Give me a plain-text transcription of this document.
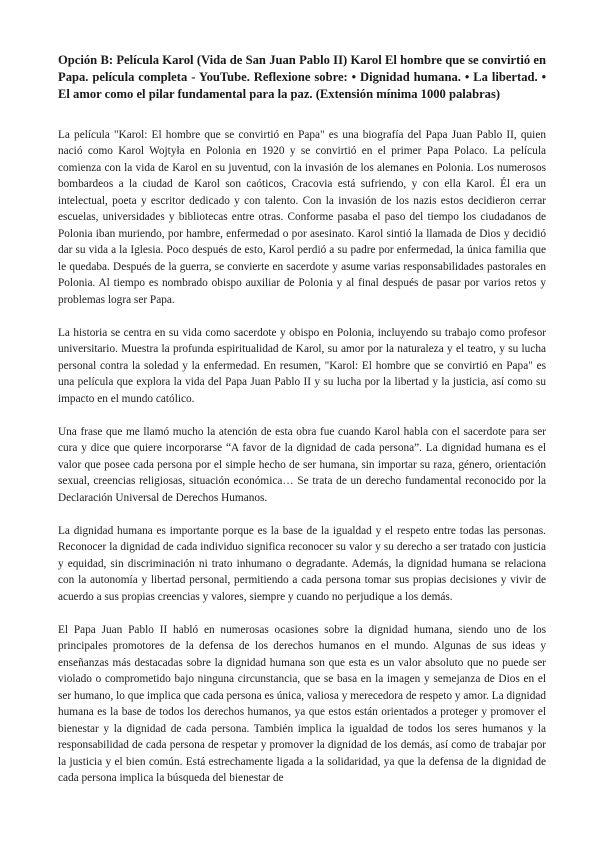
Opción B: Película Karol (Vida de San Juan Pablo II) Karol El hombre que se convirtió en Papa. película completa - YouTube. Reflexione sobre: • Dignidad humana. • La libertad. • El amor como el pilar fundamental para la paz. (Extensión mínima 1000 palabras)

La película "Karol: El hombre que se convirtió en Papa" es una biografía del Papa Juan Pablo II, quien nació como Karol Wojtyła en Polonia en 1920 y se convirtió en el primer Papa Polaco. La película comienza con la vida de Karol en su juventud, con la invasión de los alemanes en Polonia. Los numerosos bombardeos a la ciudad de Karol son caóticos, Cracovia está sufriendo, y con ella Karol. Él era un intelectual, poeta y escritor dedicado y con talento. Con la invasión de los nazis estos decidieron cerrar escuelas, universidades y bibliotecas entre otras. Conforme pasaba el paso del tiempo los ciudadanos de Polonia iban muriendo, por hambre, enfermedad o por asesinato. Karol sintió la llamada de Dios y decidió dar su vida a la Iglesia. Poco después de esto, Karol perdió a su padre por enfermedad, la única familia que le quedaba. Después de la guerra, se convierte en sacerdote y asume varias responsabilidades pastorales en Polonia. Al tiempo es nombrado obispo auxiliar de Polonia y al final después de pasar por varios retos y problemas logra ser Papa.

La historia se centra en su vida como sacerdote y obispo en Polonia, incluyendo su trabajo como profesor universitario. Muestra la profunda espiritualidad de Karol, su amor por la naturaleza y el teatro, y su lucha personal contra la soledad y la enfermedad. En resumen, "Karol: El hombre que se convirtió en Papa" es una película que explora la vida del Papa Juan Pablo II y su lucha por la libertad y la justicia, así como su impacto en el mundo católico.

Una frase que me llamó mucho la atención de esta obra fue cuando Karol habla con el sacerdote para ser cura y dice que quiere incorporarse “A favor de la dignidad de cada persona”. La dignidad humana es el valor que posee cada persona por el simple hecho de ser humana, sin importar su raza, género, orientación sexual, creencias religiosas, situación económica… Se trata de un derecho fundamental reconocido por la Declaración Universal de Derechos Humanos.

La dignidad humana es importante porque es la base de la igualdad y el respeto entre todas las personas. Reconocer la dignidad de cada individuo significa reconocer su valor y su derecho a ser tratado con justicia y equidad, sin discriminación ni trato inhumano o degradante. Además, la dignidad humana se relaciona con la autonomía y libertad personal, permitiendo a cada persona tomar sus propias decisiones y vivir de acuerdo a sus propias creencias y valores, siempre y cuando no perjudique a los demás.

El Papa Juan Pablo II habló en numerosas ocasiones sobre la dignidad humana, siendo uno de los principales promotores de la defensa de los derechos humanos en el mundo. Algunas de sus ideas y enseñanzas más destacadas sobre la dignidad humana son que esta es un valor absoluto que no puede ser violado o comprometido bajo ninguna circunstancia, que se basa en la imagen y semejanza de Dios en el ser humano, lo que implica que cada persona es única, valiosa y merecedora de respeto y amor. La dignidad humana es la base de todos los derechos humanos, ya que estos están orientados a proteger y promover el bienestar y la dignidad de cada persona. También implica la igualdad de todos los seres humanos y la responsabilidad de cada persona de respetar y promover la dignidad de los demás, así como de trabajar por la justicia y el bien común. Está estrechamente ligada a la solidaridad, ya que la defensa de la dignidad de cada persona implica la búsqueda del bienestar de
